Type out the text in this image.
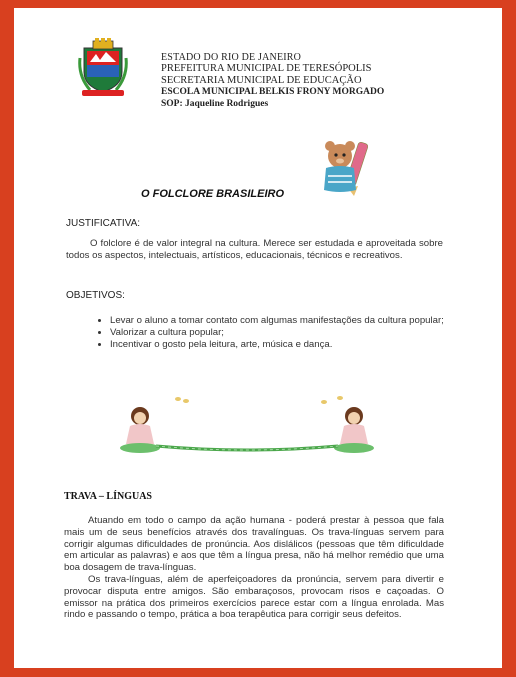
ESTADO DO RIO DE JANEIRO
PREFEITURA MUNICIPAL DE TERESÓPOLIS
SECRETARIA MUNICIPAL DE EDUCAÇÃO
ESCOLA MUNICIPAL BELKIS FRONY MORGADO
SOP: Jaqueline Rodrigues
O FOLCLORE BRASILEIRO
JUSTIFICATIVA:

O folclore é de valor integral na cultura. Merece ser estudada e aproveitada sobre todos os aspectos, intelectuais, artísticos, educacionais, técnicos e recreativos.

OBJETIVOS:
• Levar o aluno a tomar contato com algumas manifestações da cultura popular;
• Valorizar a cultura popular;
• Incentivar o gosto pela leitura, arte, música e dança.
TRAVA – LÍNGUAS
Atuando em todo o campo da ação humana - poderá prestar à pessoa que fala mais um de seus benefícios através dos travalínguas. Os trava-línguas servem para corrigir algumas dificuldades de pronúncia. Aos dislálicos (pessoas que têm dificuldade em articular as palavras) e aos que têm a língua presa, não há melhor remédio que uma boa dosagem de trava-línguas.
Os trava-línguas, além de aperfeiçoadores da pronúncia, servem para divertir e provocar disputa entre amigos. São embaraçosos, provocam risos e caçoadas. O emissor na prática dos primeiros exercícios parece estar com a língua enrolada. Mas rindo e passando o tempo, prática a boa terapêutica para corrigir seus defeitos.
